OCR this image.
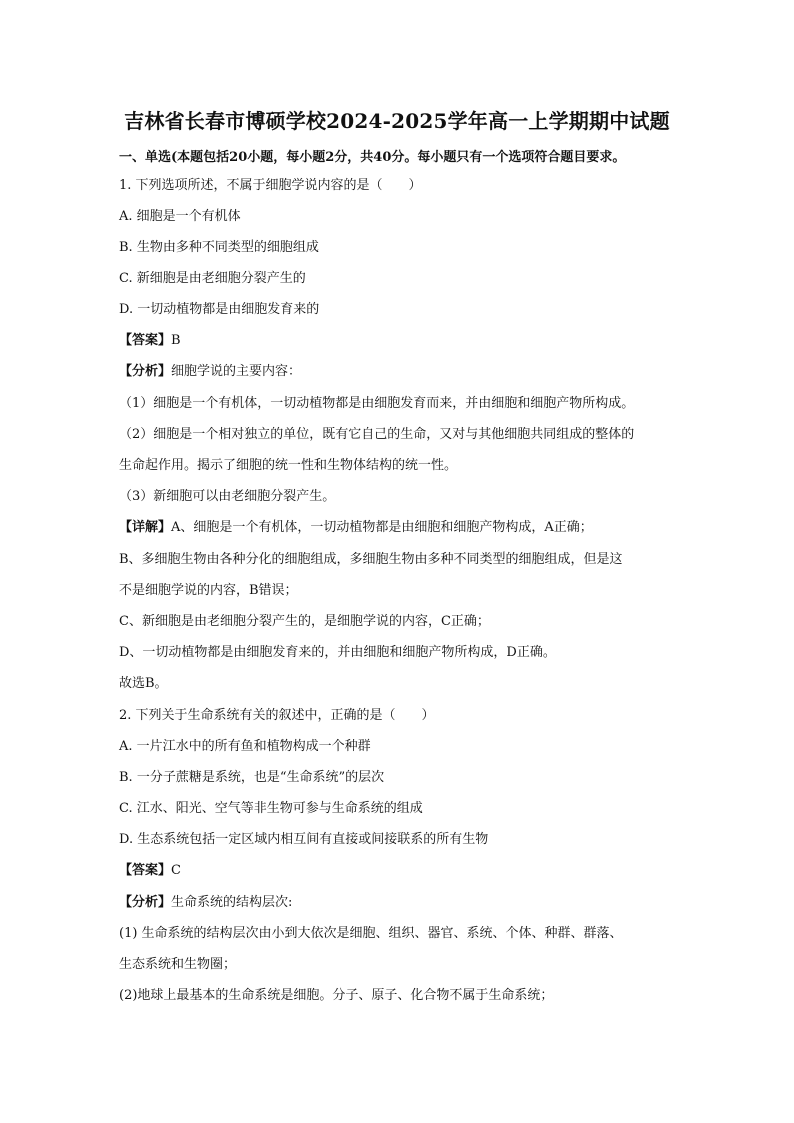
吉林省长春市博硕学校2024-2025学年高一上学期期中试题
一、单选(本题包括20小题，每小题2分，共40分。每小题只有一个选项符合题目要求。
1. 下列选项所述，不属于细胞学说内容的是（　　）
A. 细胞是一个有机体
B. 生物由多种不同类型的细胞组成
C. 新细胞是由老细胞分裂产生的
D. 一切动植物都是由细胞发育来的
【答案】B
【分析】细胞学说的主要内容：
（1）细胞是一个有机体，一切动植物都是由细胞发育而来，并由细胞和细胞产物所构成。
（2）细胞是一个相对独立的单位，既有它自己的生命，又对与其他细胞共同组成的整体的
生命起作用。揭示了细胞的统一性和生物体结构的统一性。
（3）新细胞可以由老细胞分裂产生。
【详解】A、细胞是一个有机体，一切动植物都是由细胞和细胞产物构成，A正确；
B、多细胞生物由各种分化的细胞组成，多细胞生物由多种不同类型的细胞组成，但是这
不是细胞学说的内容，B错误；
C、新细胞是由老细胞分裂产生的，是细胞学说的内容，C正确；
D、一切动植物都是由细胞发育来的，并由细胞和细胞产物所构成，D正确。
故选B。
2. 下列关于生命系统有关的叙述中，正确的是（　　）
A. 一片江水中的所有鱼和植物构成一个种群
B. 一分子蔗糖是系统，也是“生命系统”的层次
C. 江水、阳光、空气等非生物可参与生命系统的组成
D. 生态系统包括一定区域内相互间有直接或间接联系的所有生物
【答案】C
【分析】生命系统的结构层次:
(1) 生命系统的结构层次由小到大依次是细胞、组织、器官、系统、个体、种群、群落、
生态系统和生物圈；
(2)地球上最基本的生命系统是细胞。分子、原子、化合物不属于生命系统；
